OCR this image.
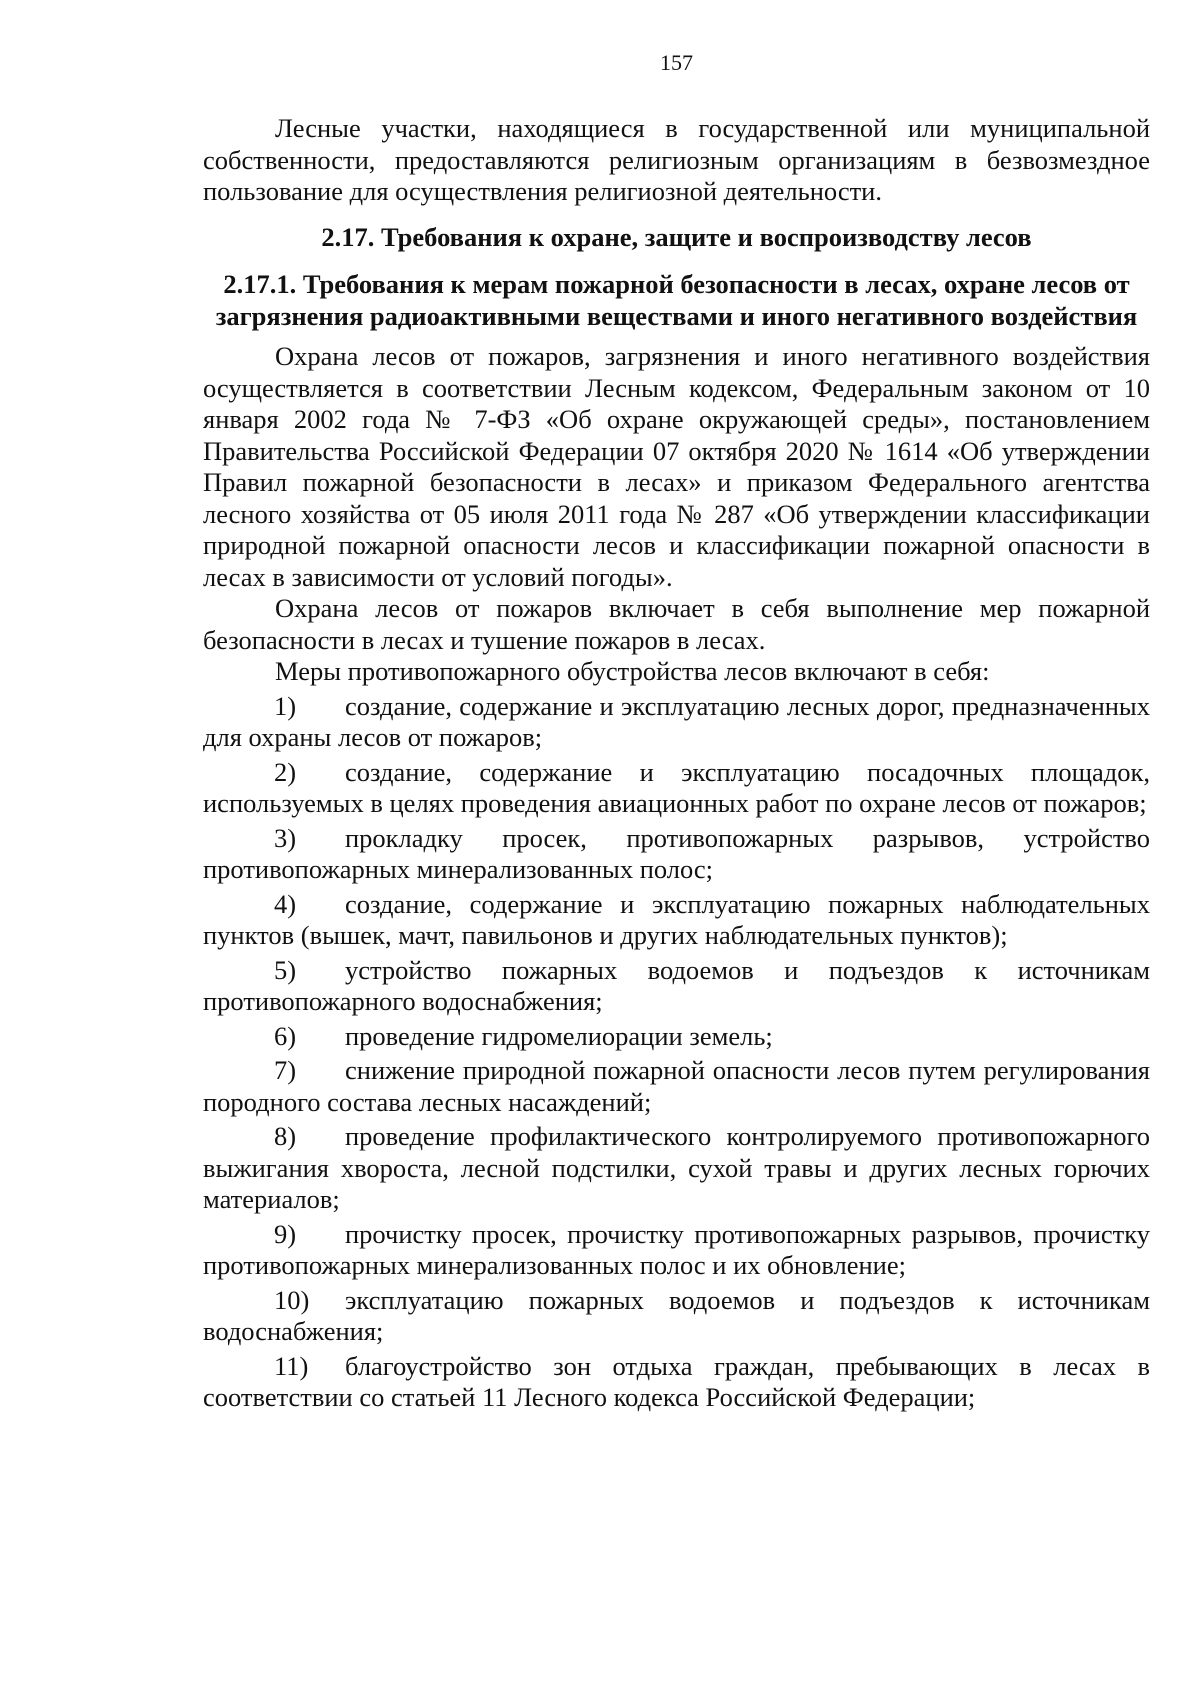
157

Лесные участки, находящиеся в государственной или муниципальной собственности, предоставляются религиозным организациям в безвозмездное пользование для осуществления религиозной деятельности.

2.17. Требования к охране, защите и воспроизводству лесов

2.17.1. Требования к мерам пожарной безопасности в лесах, охране лесов от загрязнения радиоактивными веществами и иного негативного воздействия

Охрана лесов от пожаров, загрязнения и иного негативного воздействия осуществляется в соответствии Лесным кодексом, Федеральным законом от 10 января 2002 года № 7-ФЗ «Об охране окружающей среды», постановлением Правительства Российской Федерации 07 октября 2020 № 1614 «Об утверждении Правил пожарной безопасности в лесах» и приказом Федерального агентства лесного хозяйства от 05 июля 2011 года № 287 «Об утверждении классификации природной пожарной опасности лесов и классификации пожарной опасности в лесах в зависимости от условий погоды».

Охрана лесов от пожаров включает в себя выполнение мер пожарной безопасности в лесах и тушение пожаров в лесах.

Меры противопожарного обустройства лесов включают в себя:

1) создание, содержание и эксплуатацию лесных дорог, предназначенных для охраны лесов от пожаров;

2) создание, содержание и эксплуатацию посадочных площадок, используемых в целях проведения авиационных работ по охране лесов от пожаров;

3) прокладку просек, противопожарных разрывов, устройство противопожарных минерализованных полос;

4) создание, содержание и эксплуатацию пожарных наблюдательных пунктов (вышек, мачт, павильонов и других наблюдательных пунктов);

5) устройство пожарных водоемов и подъездов к источникам противопожарного водоснабжения;

6) проведение гидромелиорации земель;

7) снижение природной пожарной опасности лесов путем регулирования породного состава лесных насаждений;

8) проведение профилактического контролируемого противопожарного выжигания хвороста, лесной подстилки, сухой травы и других лесных горючих материалов;

9) прочистку просек, прочистку противопожарных разрывов, прочистку противопожарных минерализованных полос и их обновление;

10) эксплуатацию пожарных водоемов и подъездов к источникам водоснабжения;

11) благоустройство зон отдыха граждан, пребывающих в лесах в соответствии со статьей 11 Лесного кодекса Российской Федерации;
